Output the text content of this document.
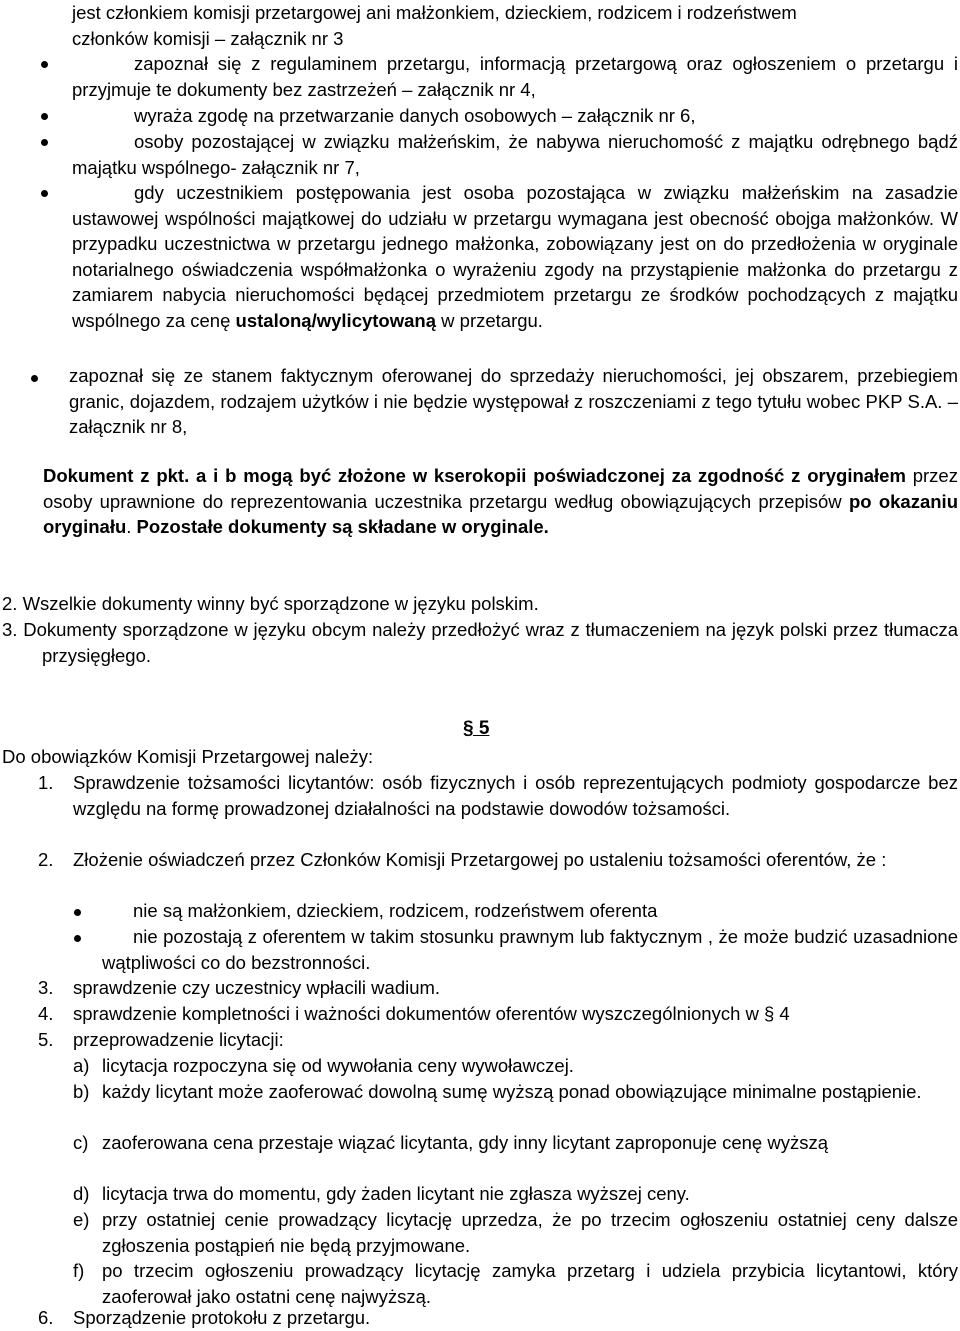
jest członkiem komisji przetargowej ani małżonkiem, dzieckiem, rodzicem i rodzeństwem
członków komisji – załącznik nr 3
zapoznał się z regulaminem przetargu, informacją przetargową oraz ogłoszeniem o przetargu i przyjmuje te dokumenty bez zastrzeżeń – załącznik nr 4,
wyraża zgodę na przetwarzanie danych osobowych – załącznik nr 6,
osoby pozostającej w związku małżeńskim, że nabywa nieruchomość z majątku odrębnego bądź majątku wspólnego- załącznik nr 7,
gdy uczestnikiem postępowania jest osoba pozostająca w związku małżeńskim na zasadzie ustawowej wspólności majątkowej do udziału w przetargu wymagana jest obecność obojga małżonków. W przypadku uczestnictwa w przetargu jednego małżonka, zobowiązany jest on do przedłożenia w oryginale notarialnego oświadczenia współmałżonka o wyrażeniu zgody na przystąpienie małżonka do przetargu z zamiarem nabycia nieruchomości będącej przedmiotem przetargu ze środków pochodzących z majątku wspólnego za cenę ustaloną/wylicytowaną w przetargu.
zapoznał się ze stanem faktycznym oferowanej do sprzedaży nieruchomości, jej obszarem, przebiegiem granic, dojazdem, rodzajem użytków i nie będzie występował z roszczeniami z tego tytułu wobec PKP S.A. – załącznik nr 8,
Dokument z pkt. a i b mogą być złożone w kserokopii poświadczonej za zgodność z oryginałem przez osoby uprawnione do reprezentowania uczestnika przetargu według obowiązujących przepisów po okazaniu oryginału. Pozostałe dokumenty są składane w oryginale.
2. Wszelkie dokumenty winny być sporządzone w języku polskim.
3. Dokumenty sporządzone w języku obcym należy przedłożyć wraz z tłumaczeniem na język polski przez tłumacza przysięgłego.
§ 5
Do obowiązków Komisji Przetargowej należy:
1. Sprawdzenie tożsamości licytantów: osób fizycznych i osób reprezentujących podmioty gospodarcze bez względu na formę prowadzonej działalności na podstawie dowodów tożsamości.
2. Złożenie oświadczeń przez Członków Komisji Przetargowej po ustaleniu tożsamości oferentów, że :
nie są małżonkiem, dzieckiem, rodzicem, rodzeństwem oferenta
nie pozostają z oferentem w takim stosunku prawnym lub faktycznym , że może budzić uzasadnione wątpliwości co do bezstronności.
3. sprawdzenie czy uczestnicy wpłacili wadium.
4. sprawdzenie kompletności i ważności dokumentów oferentów wyszczególnionych w § 4
5. przeprowadzenie licytacji:
a) licytacja rozpoczyna się od wywołania ceny wywoławczej.
b) każdy licytant może zaoferować dowolną sumę wyższą ponad obowiązujące minimalne postąpienie.
c) zaoferowana cena przestaje wiązać licytanta, gdy inny licytant zaproponuje cenę wyższą
d) licytacja trwa do momentu, gdy żaden licytant nie zgłasza wyższej ceny.
e) przy ostatniej cenie prowadzący licytację uprzedza, że po trzecim ogłoszeniu ostatniej ceny dalsze zgłoszenia postąpień nie będą przyjmowane.
f) po trzecim ogłoszeniu prowadzący licytację zamyka przetarg i udziela przybicia licytantowi, który zaoferował jako ostatni cenę najwyższą.
6. Sporządzenie protokołu z przetargu.
